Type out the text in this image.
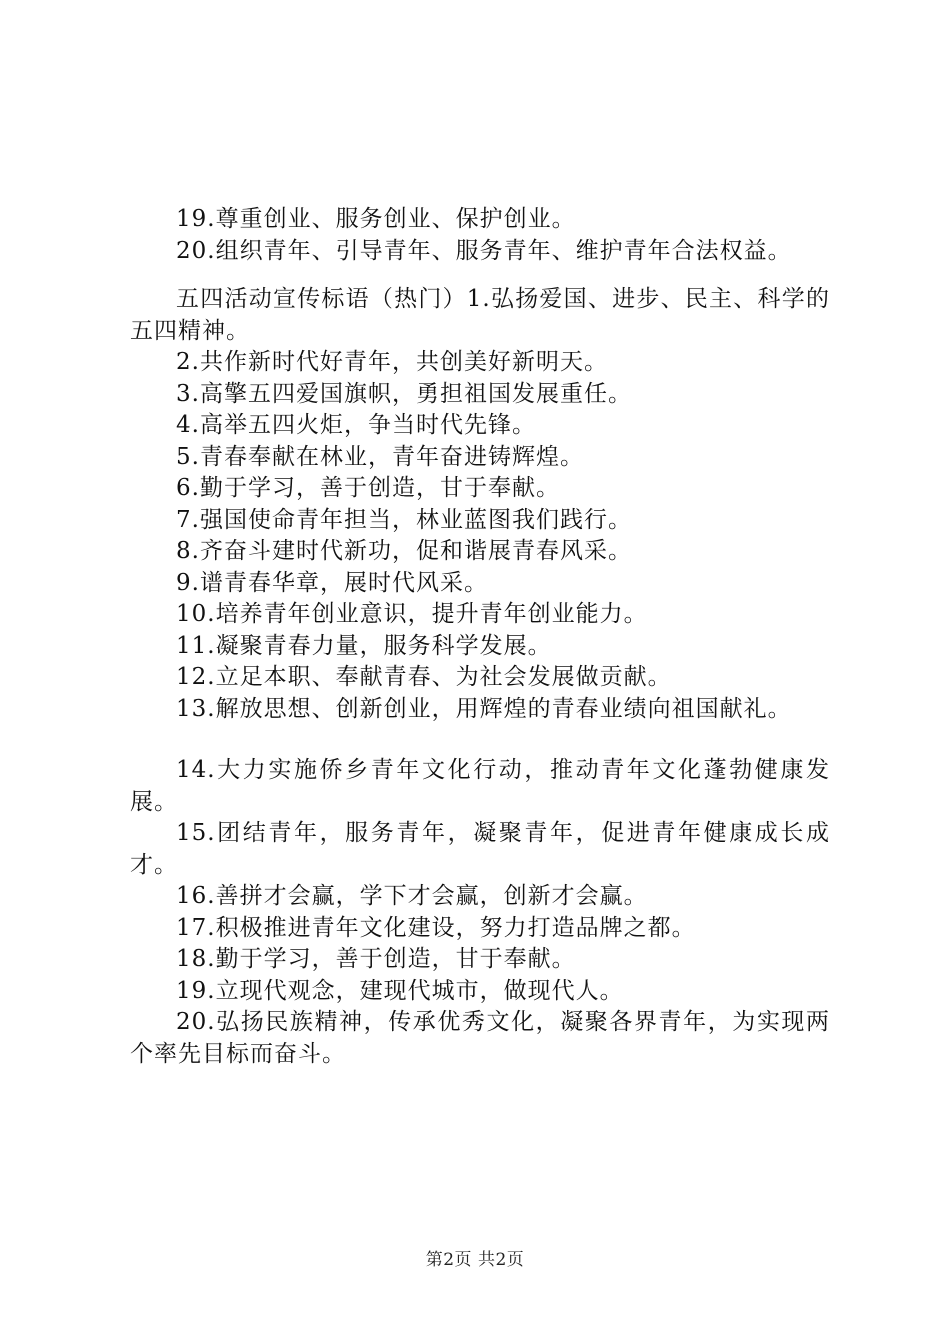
19.尊重创业、服务创业、保护创业。

20.组织青年、引导青年、服务青年、维护青年合法权益。

五四活动宣传标语（热门）1.弘扬爱国、进步、民主、科学的五四精神。

2.共作新时代好青年，共创美好新明天。

3.高擎五四爱国旗帜，勇担祖国发展重任。

4.高举五四火炬，争当时代先锋。

5.青春奉献在林业，青年奋进铸辉煌。

6.勤于学习，善于创造，甘于奉献。

7.强国使命青年担当，林业蓝图我们践行。

8.齐奋斗建时代新功，促和谐展青春风采。

9.谱青春华章，展时代风采。

10.培养青年创业意识，提升青年创业能力。

11.凝聚青春力量，服务科学发展。

12.立足本职、奉献青春、为社会发展做贡献。

13.解放思想、创新创业，用辉煌的青春业绩向祖国献礼。

14.大力实施侨乡青年文化行动，推动青年文化蓬勃健康发展。

15.团结青年，服务青年，凝聚青年，促进青年健康成长成才。

16.善拼才会赢，学下才会赢，创新才会赢。

17.积极推进青年文化建设，努力打造品牌之都。

18.勤于学习，善于创造，甘于奉献。

19.立现代观念，建现代城市，做现代人。

20.弘扬民族精神，传承优秀文化，凝聚各界青年，为实现两个率先目标而奋斗。

第2页 共2页
